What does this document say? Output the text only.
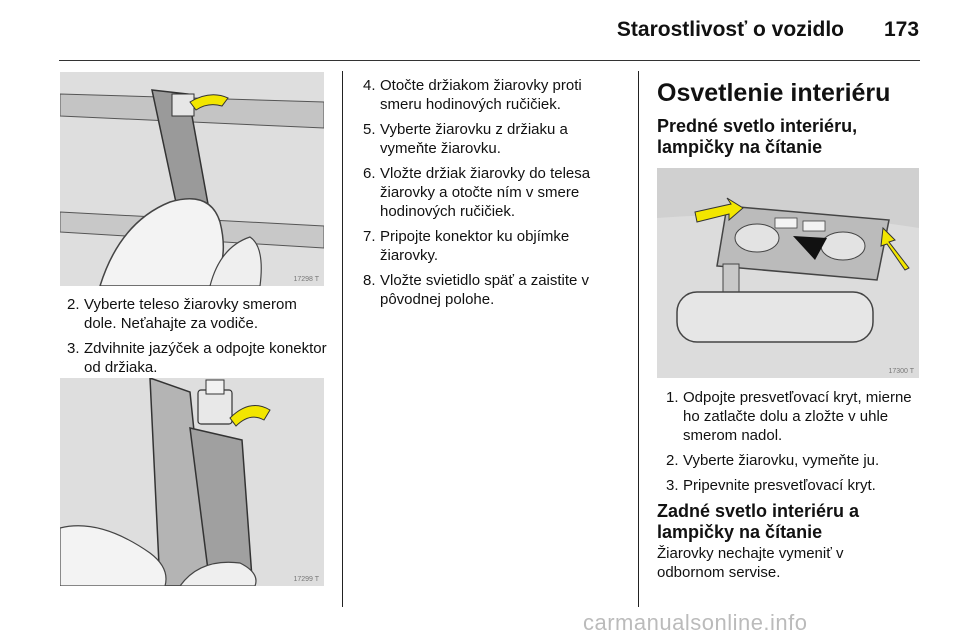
Starostlivosť o vozidlo 173
17298 T
2. Vyberte teleso žiarovky smerom dole. Neťahajte za vodiče.
3. Zdvihnite jazýček a odpojte konektor od držiaka.
17299 T
4. Otočte držiakom žiarovky proti smeru hodinových ručičiek.
5. Vyberte žiarovku z držiaku a vymeňte žiarovku.
6. Vložte držiak žiarovky do telesa žiarovky a otočte ním v smere hodinových ručičiek.
7. Pripojte konektor ku objímke žiarovky.
8. Vložte svietidlo späť a zaistite v pôvodnej polohe.
Osvetlenie interiéru
Predné svetlo interiéru, lampičky na čítanie
17300 T
1. Odpojte presvetľovací kryt, mierne ho zatlačte dolu a zložte v uhle smerom nadol.
2. Vyberte žiarovku, vymeňte ju.
3. Pripevnite presvetľovací kryt.
Zadné svetlo interiéru a lampičky na čítanie
Žiarovky nechajte vymeniť v odbornom servise.
carmanualsonline.info
